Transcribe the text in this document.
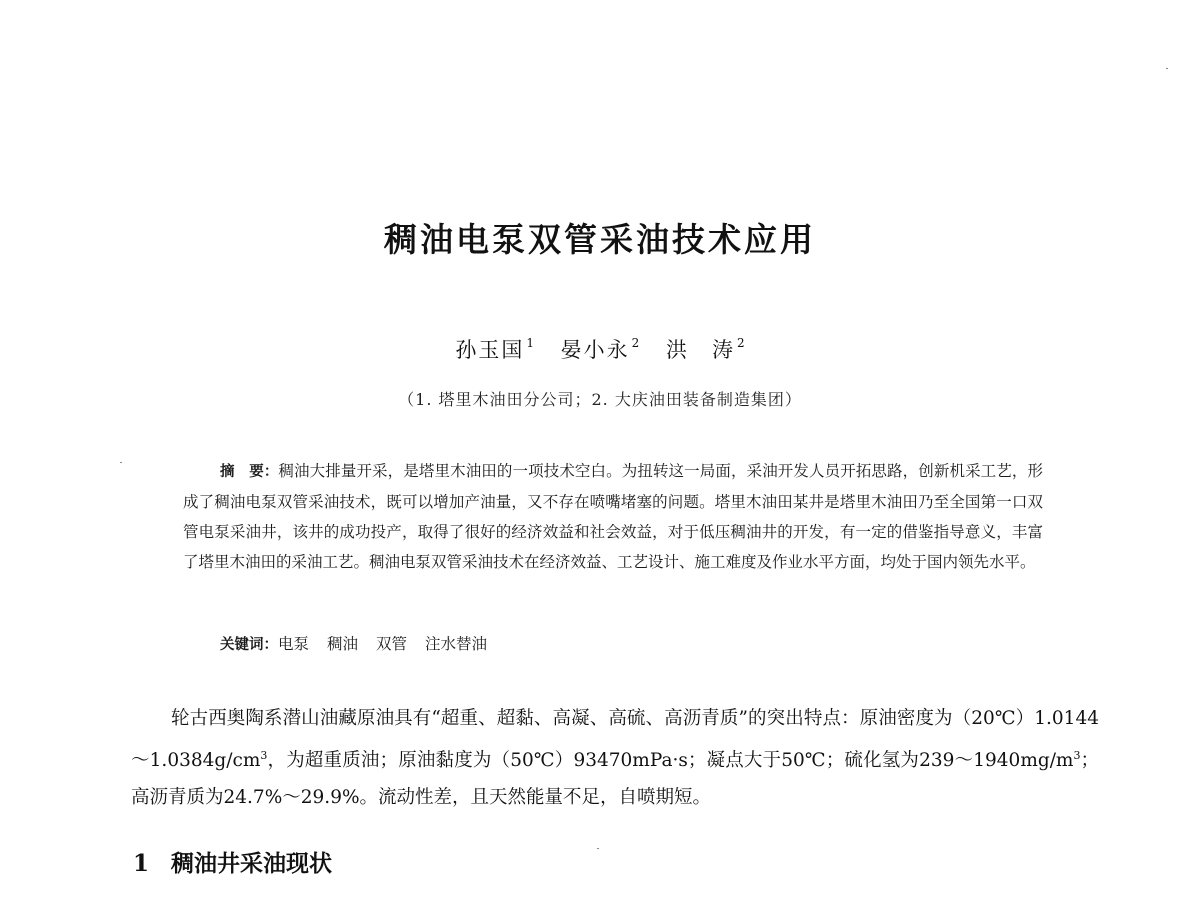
稠油电泵双管采油技术应用
孙玉国 $^1$ 晏小永 $^2$ 洪　涛 $^2$
（1. 塔里木油田分公司；2. 大庆油田装备制造集团）
摘　要：稠油大排量开采，是塔里木油田的一项技术空白。为扭转这一局面，采油开发人员开拓思路，创新机采工艺，形成了稠油电泵双管采油技术，既可以增加产油量，又不存在喷嘴堵塞的问题。塔里木油田某井是塔里木油田乃至全国第一口双管电泵采油井，该井的成功投产，取得了很好的经济效益和社会效益，对于低压稠油井的开发，有一定的借鉴指导意义，丰富了塔里木油田的采油工艺。稠油电泵双管采油技术在经济效益、工艺设计、施工难度及作业水平方面，均处于国内领先水平。
关键词：电泵 稠油 双管 注水替油
轮古西奥陶系潜山油藏原油具有“超重、超黏、高凝、高硫、高沥青质”的突出特点：原油密度为$(20℃)1.0144\sim 1.0384g/cm^3$，为超重质油；原油黏度为（50℃）93470mPa·s；凝点大于50℃；硫化氢为$239\sim 1940mg/m^3$；高沥青质为24.7%～29.9%。流动性差，且天然能量不足，自喷期短。
1 稠油井采油现状
